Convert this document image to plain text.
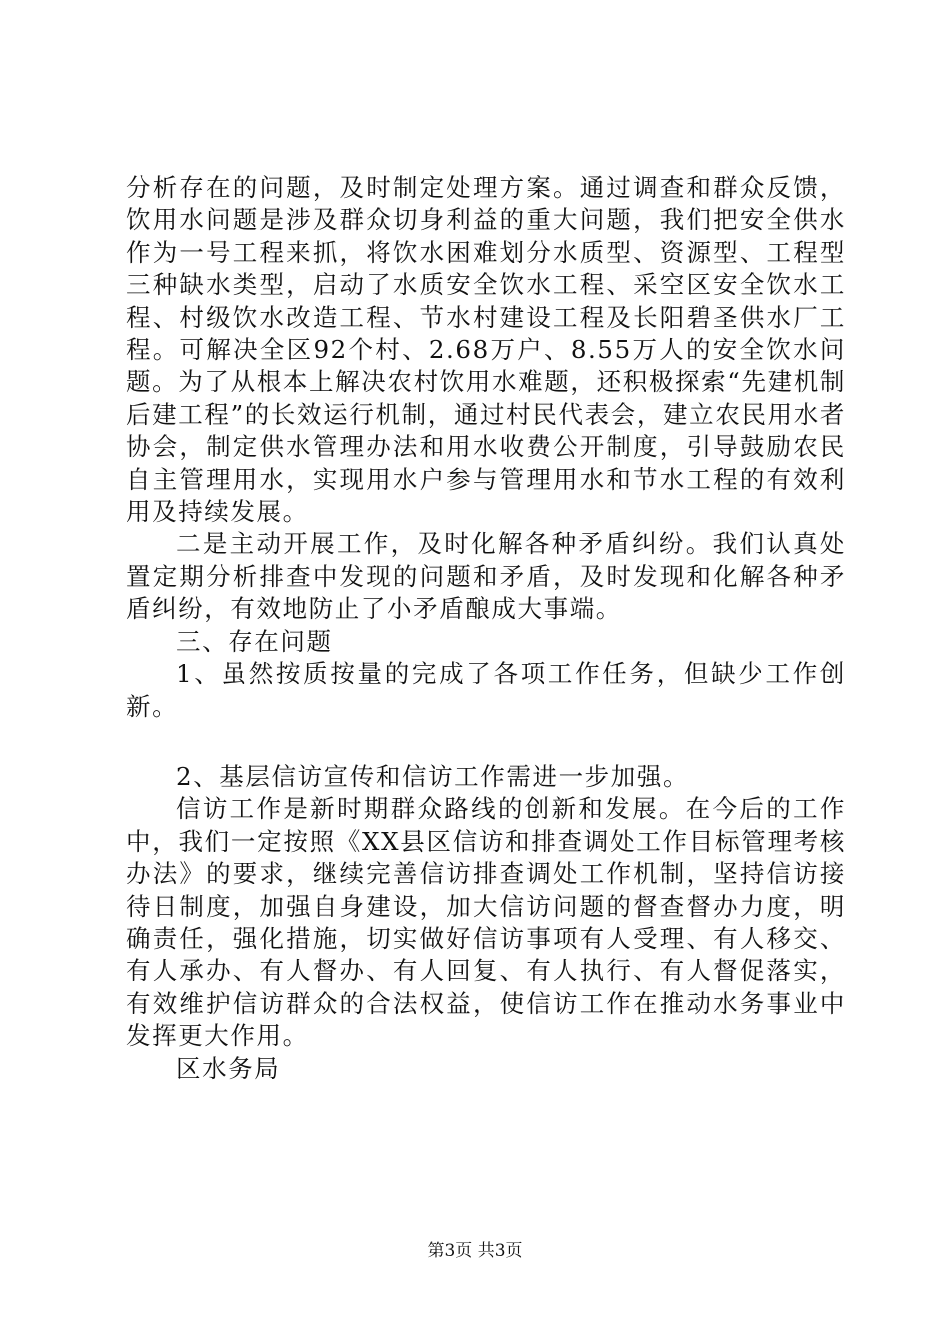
分析存在的问题，及时制定处理方案。通过调查和群众反馈，饮用水问题是涉及群众切身利益的重大问题，我们把安全供水作为一号工程来抓，将饮水困难划分水质型、资源型、工程型三种缺水类型，启动了水质安全饮水工程、采空区安全饮水工程、村级饮水改造工程、节水村建设工程及长阳碧圣供水厂工程。可解决全区92个村、2.68万户、8.55万人的安全饮水问题。为了从根本上解决农村饮用水难题，还积极探索“先建机制后建工程”的长效运行机制，通过村民代表会，建立农民用水者协会，制定供水管理办法和用水收费公开制度，引导鼓励农民自主管理用水，实现用水户参与管理用水和节水工程的有效利用及持续发展。

二是主动开展工作，及时化解各种矛盾纠纷。我们认真处置定期分析排查中发现的问题和矛盾，及时发现和化解各种矛盾纠纷，有效地防止了小矛盾酿成大事端。

三、存在问题

1、虽然按质按量的完成了各项工作任务，但缺少工作创新。

2、基层信访宣传和信访工作需进一步加强。

信访工作是新时期群众路线的创新和发展。在今后的工作中，我们一定按照《XX县区信访和排查调处工作目标管理考核办法》的要求，继续完善信访排查调处工作机制，坚持信访接待日制度，加强自身建设，加大信访问题的督查督办力度，明确责任，强化措施，切实做好信访事项有人受理、有人移交、有人承办、有人督办、有人回复、有人执行、有人督促落实，有效维护信访群众的合法权益，使信访工作在推动水务事业中发挥更大作用。

区水务局

第3页 共3页
